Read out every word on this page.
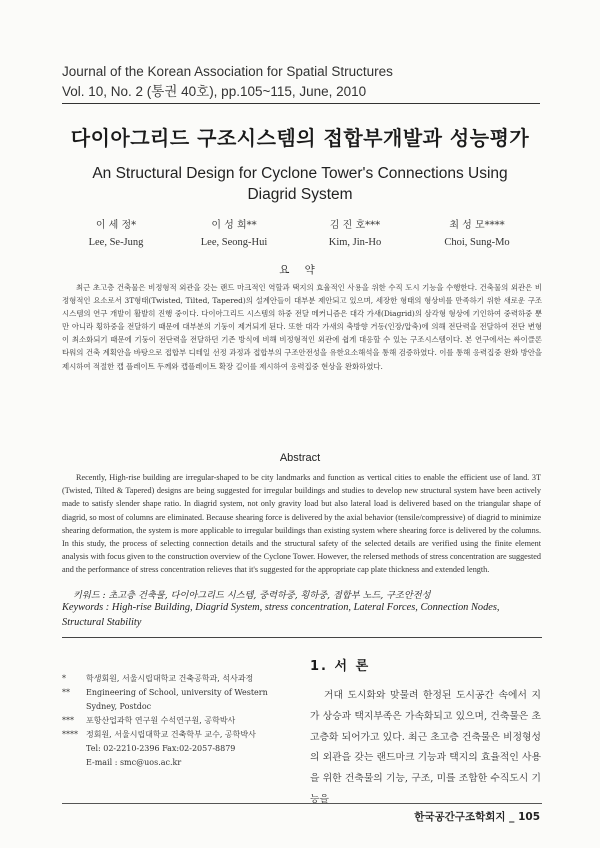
Journal of the Korean Association for Spatial Structures
Vol. 10, No. 2 (통권 40호), pp.105~115, June, 2010
다이아그리드 구조시스템의 접합부개발과 성능평가
An Structural Design for Cyclone Tower's Connections Using
Diagrid System
이 세 정*
Lee, Se-Jung
이 성 희**
Lee, Seong-Hui
김 진 호***
Kim, Jin-Ho
최 성 모****
Choi, Sung-Mo
요 약
최근 초고층 건축물은 비정형적 외관을 갖는 랜드 마크적인 역할과 택지의 효율적인 사용을 위한 수직 도시 기능을 수행한다. 건축물의 외관은 비정형적인 요소로서 3T형태(Twisted, Tilted, Tapered)의 설계안들이 대부분 제안되고 있으며, 세장한 형태의 형상비를 만족하기 위한 새로운 구조시스템의 연구 개발이 활발히 진행 중이다. 다이아그리드 시스템의 하중 전달 메커니즘은 대각 가새(Diagrid)의 삼각형 형상에 기인하여 중력하중 뿐만 아니라 횡하중을 전달하기 때문에 대부분의 기둥이 제거되게 된다. 또한 대각 가새의 축방향 거동(인장/압축)에 의해 전단력을 전달하여 전단 변형이 최소화되기 때문에 기둥이 전단력을 전달하던 기존 방식에 비해 비정형적인 외관에 쉽게 대응할 수 있는 구조시스템이다. 본 연구에서는 싸이클론 타워의 건축 계획안을 바탕으로 접합부 디테일 선정 과정과 접합부의 구조안전성을 유한요소해석을 통해 검증하였다. 이를 통해 응력집중 완화 방안을 제시하여 적절한 캡 플레이트 두께와 캡플레이트 확장 길이를 제시하여 응력집중 현상을 완화하였다.
Abstract
Recently, High-rise building are irregular-shaped to be city landmarks and function as vertical cities to enable the efficient use of land. 3T (Twisted, Tilted & Tapered) designs are being suggested for irregular buildings and studies to develop new structural system have been actively made to satisfy slender shape ratio. In diagrid system, not only gravity load but also lateral load is delivered based on the triangular shape of diagrid, so most of columns are eliminated. Because shearing force is delivered by the axial behavior (tensile/compressive) of diagrid to minimize shearing deformation, the system is more applicable to irregular buildings than existing system where shearing force is delivered by the columns. In this study, the process of selecting connection details and the structural safety of the selected details are verified using the finite element analysis with focus given to the construction overview of the Cyclone Tower. However, the relersed methods of stress concentration are suggested and the performance of stress concentration relieves that it's suggested for the appropriate cap plate thickness and extended length.
키워드 : 초고층 건축물, 다이아그리드 시스템, 중력하중, 횡하중, 접합부 노드, 구조안전성
Keywords : High-rise Building, Diagrid System, stress concentration, Lateral Forces, Connection Nodes, Structural Stability
*	학생회원, 서울시립대학교 건축공학과, 석사과정
** Engineering of School, university of Western
Sydney, Postdoc
*** 포항산업과학 연구원 수석연구원, 공학박사
**** 정회원, 서울시립대학교 건축학부 교수, 공학박사
Tel: 02-2210-2396 Fax:02-2057-8879
E-mail : smc@uos.ac.kr
1. 서 론
거대 도시화와 맞물려 한정된 도시공간 속에서 지가 상승과 택지부족은 가속화되고 있으며, 건축물은 초고층화 되어가고 있다. 최근 초고층 건축물은 비정형성의 외관을 갖는 랜드마크 기능과 택지의 효율적인 사용을 위한 건축물의 기능, 구조, 미를 조합한 수직도시 기능을
한국공간구조학회지 _ 105
